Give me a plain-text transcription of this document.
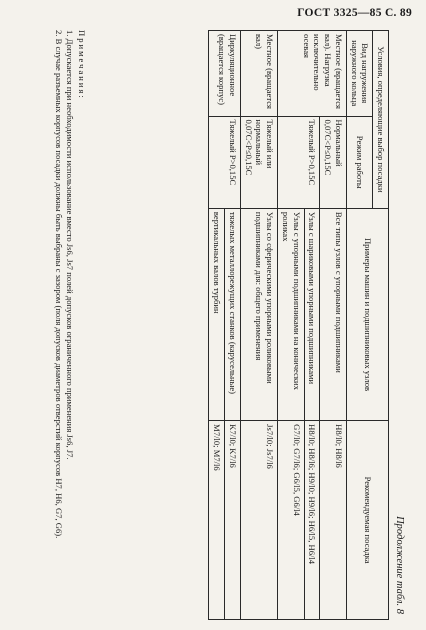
ГОСТ 3325—85 С. 89
Продолжение табл. 8
Условия, определяющие выбор посадки		Примеры машин и подшипниковых узлов	Рекомендуемая посадка
Вид нагружения наружного кольца	Режим работы		
Местное (вращается вал). Нагрузка исключительно осевая	Нормальный 0,07C<P≤0,15C	Все типы узлов с упорными подшипниками	H8/l0; H8/l6
	Тяжелый P>0,15C	Узлы с шариковыми упорными подшипниками	H8/l0; H8/l6; H9/l0; H9/l6; H6/l5, H6/l4
		Узлы с упорными подшипниками на конических роликах	G7/l0; G7/l6; G6/l5, G6/l4
Местное (вращается вал)	Тяжелый или нормальный 0,07C<P≤0,15C	Узлы со сферическими упорными роликовыми подшипниками для: общего применения	Js7/l0; Js7/l6
Циркуляционное (вращается корпус)	Тяжелый P>0,15C	тяжелых металлорежущих станков (карусельные)	K7/l0; K7/l6
		вертикальных валов турбин	M7/l0; M7/l6
Примечания:

1. Допускается при необходимости использование вместо Js6, Js7 полей допусков ограниченного применения Js6, J7.

2. В случае разъемных корпусов посадки должны быть выбраны с зазором (поля допусков диаметров отверстий корпусов H7, H6, G7, G6).
